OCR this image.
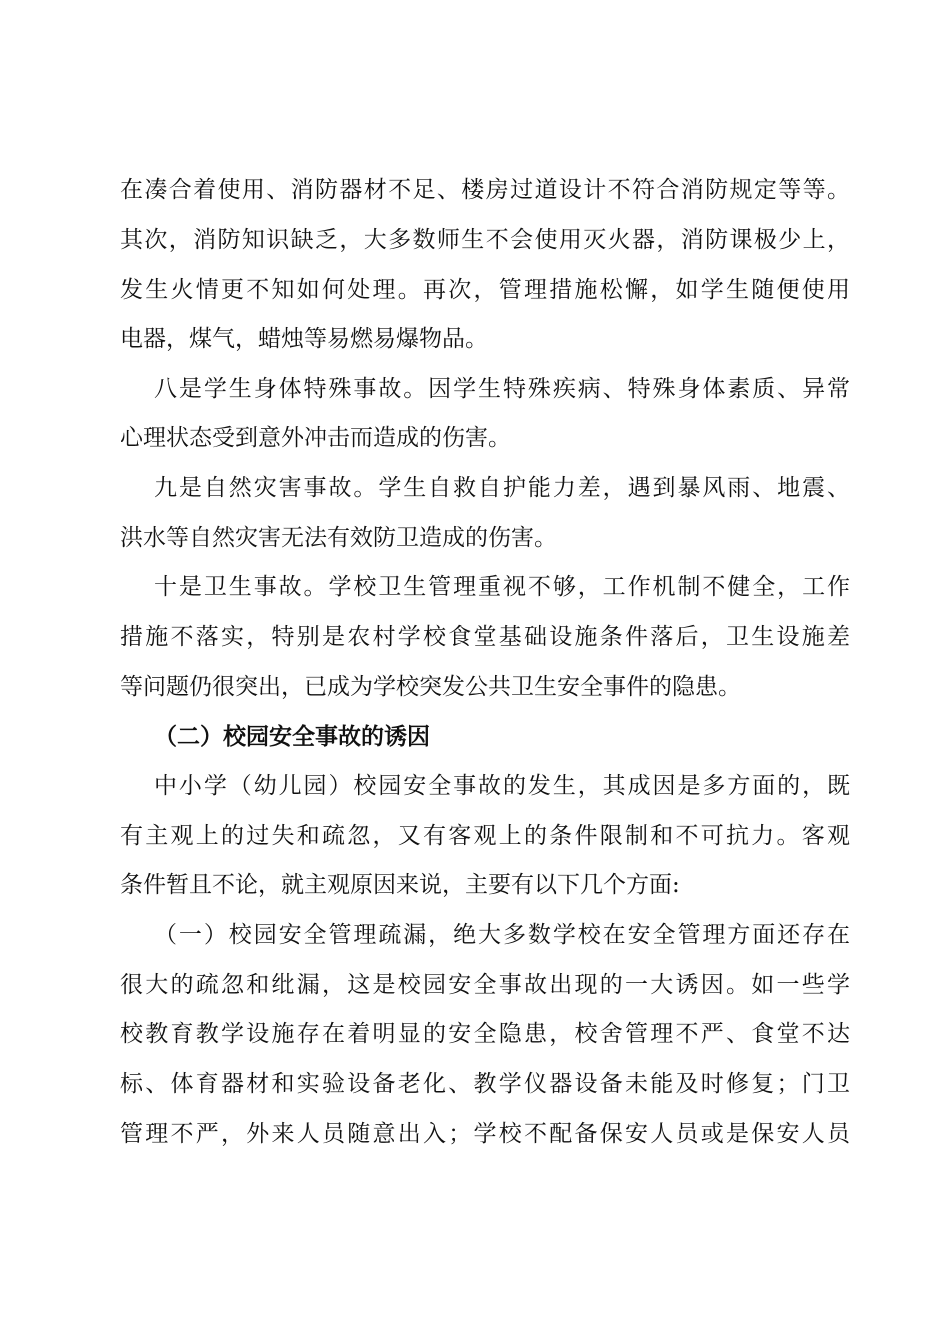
在凑合着使用、消防器材不足、楼房过道设计不符合消防规定等等。
其次，消防知识缺乏，大多数师生不会使用灭火器，消防课极少上，
发生火情更不知如何处理。再次，管理措施松懈，如学生随便使用
电器，煤气，蜡烛等易燃易爆物品。
八是学生身体特殊事故。因学生特殊疾病、特殊身体素质、异常
心理状态受到意外冲击而造成的伤害。
九是自然灾害事故。学生自救自护能力差，遇到暴风雨、地震、
洪水等自然灾害无法有效防卫造成的伤害。
十是卫生事故。学校卫生管理重视不够，工作机制不健全，工作
措施不落实，特别是农村学校食堂基础设施条件落后，卫生设施差
等问题仍很突出，已成为学校突发公共卫生安全事件的隐患。
（二）校园安全事故的诱因
中小学（幼儿园）校园安全事故的发生，其成因是多方面的，既
有主观上的过失和疏忽，又有客观上的条件限制和不可抗力。客观
条件暂且不论，就主观原因来说，主要有以下几个方面:
（一）校园安全管理疏漏，绝大多数学校在安全管理方面还存在
很大的疏忽和纰漏，这是校园安全事故出现的一大诱因。如一些学
校教育教学设施存在着明显的安全隐患，校舍管理不严、食堂不达
标、体育器材和实验设备老化、教学仪器设备未能及时修复；门卫
管理不严，外来人员随意出入；学校不配备保安人员或是保安人员
